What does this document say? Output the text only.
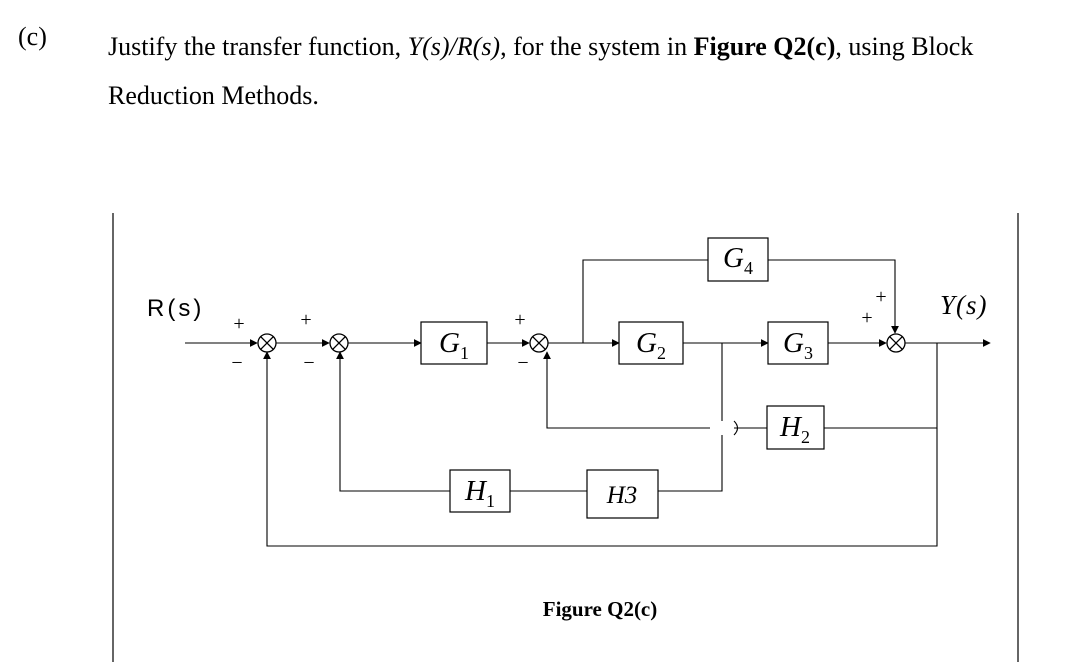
(c) Justify the transfer function, Y(s)/R(s), for the system in Figure Q2(c), using Block Reduction Methods.
$G_1$	$G_2$	$G_3$
$G_4$
$H_2$
$H_1$	H3
R(s)	Y(s)
+
−
+
−
+
−
+
+
Figure Q2(c)
